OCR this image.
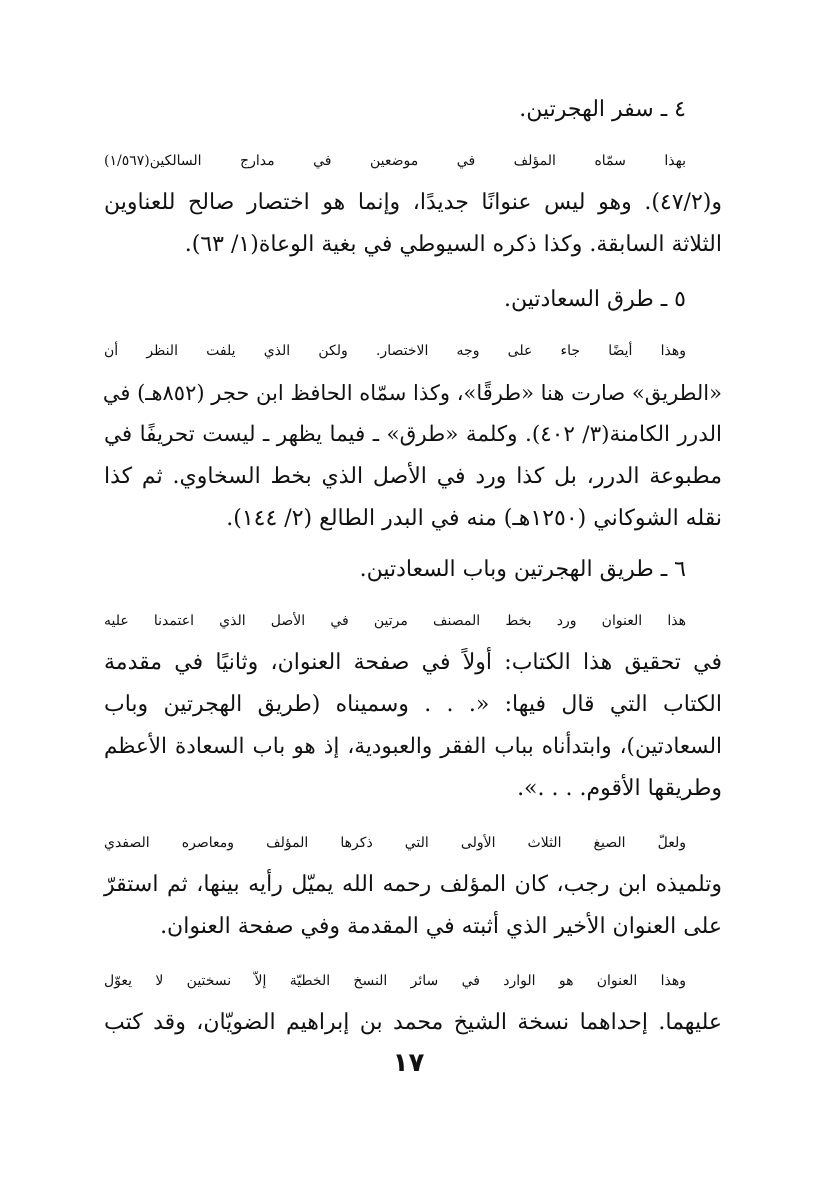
٤ ـ سفر الهجرتين.

بهذا سمّاه المؤلف في موضعين في مدارج السالكين(١/٥٦٧)
و(٤٧/٢). وهو ليس عنوانًا جديدًا، وإنما هو اختصار صالح للعناوين
الثلاثة السابقة. وكذا ذكره السيوطي في بغية الوعاة(١/ ٦٣).

٥ ـ طرق السعادتين.

وهذا أيضًا جاء على وجه الاختصار. ولكن الذي يلفت النظر أن
«الطريق» صارت هنا «طرقًا»، وكذا سمّاه الحافظ ابن حجر (٨٥٢هـ) في
الدرر الكامنة(٣/ ٤٠٢). وكلمة «طرق» ـ فيما يظهر ـ ليست تحريفًا في
مطبوعة الدرر، بل كذا ورد في الأصل الذي بخط السخاوي. ثم كذا
نقله الشوكاني (١٢٥٠هـ) منه في البدر الطالع (٢/ ١٤٤).

٦ ـ طريق الهجرتين وباب السعادتين.

هذا العنوان ورد بخط المصنف مرتين في الأصل الذي اعتمدنا عليه
في تحقيق هذا الكتاب: أولاً في صفحة العنوان، وثانيًا في مقدمة
الكتاب التي قال فيها: «. . . وسميناه (طريق الهجرتين وباب
السعادتين)، وابتدأناه بباب الفقر والعبودية، إذ هو باب السعادة الأعظم
وطريقها الأقوم. . . .».
ولعلّ الصيغ الثلاث الأولى التي ذكرها المؤلف ومعاصره الصفدي
وتلميذه ابن رجب، كان المؤلف رحمه الله يميّل رأيه بينها، ثم استقرّ
على العنوان الأخير الذي أثبته في المقدمة وفي صفحة العنوان.
وهذا العنوان هو الوارد في سائر النسخ الخطيّة إلاّ نسختين لا يعوّل
عليهما. إحداهما نسخة الشيخ محمد بن إبراهيم الضويّان، وقد كتب
١٧
